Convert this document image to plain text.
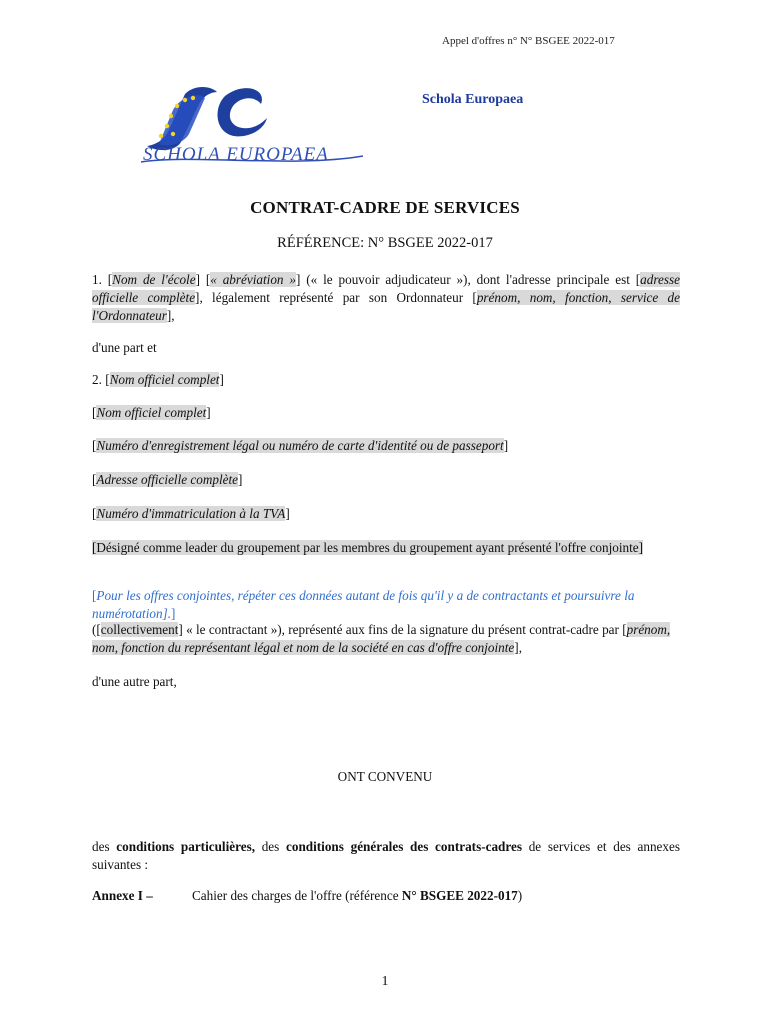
Appel d'offres n° N° BSGEE 2022-017
SCHOLA EUROPAEA
Schola Europaea
CONTRAT-CADRE DE SERVICES
RÉFÉRENCE: N° BSGEE 2022-017
1. [Nom de l'école] [« abréviation »] (« le pouvoir adjudicateur »), dont l'adresse principale est [adresse officielle complète], légalement représenté par son Ordonnateur [prénom, nom, fonction, service de l'Ordonnateur],
d'une part et
2. [Nom officiel complet]
[Nom officiel complet]
[Numéro d'enregistrement légal ou numéro de carte d'identité ou de passeport]
[Adresse officielle complète]
[Numéro d'immatriculation à la TVA]
[Désigné comme leader du groupement par les membres du groupement ayant présenté l'offre conjointe]
[Pour les offres conjointes, répéter ces données autant de fois qu'il y a de contractants et poursuivre la numérotation].]
([collectivement] « le contractant »), représenté aux fins de la signature du présent contrat-cadre par [prénom, nom, fonction du représentant légal et nom de la société en cas d'offre conjointe],
d'une autre part,
ONT CONVENU
des conditions particulières, des conditions générales des contrats-cadres de services et des annexes suivantes :
Annexe I –	Cahier des charges de l'offre (référence N° BSGEE 2022-017)
1
